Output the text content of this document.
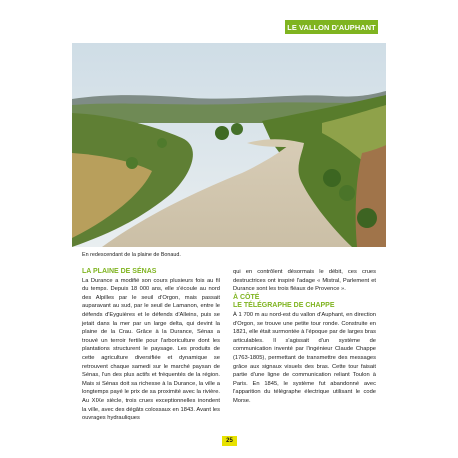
LE VALLON D'AUPHANT
En redescendant de la plaine de Bonaud.
LA PLAINE DE SÉNAS
La Durance a modifié son cours plusieurs fois au fil du temps. Depuis 18 000 ans, elle s'écoule au nord des Alpilles par le seuil d'Orgon, mais passait auparavant au sud, par le seuil de Lamanon, entre le défends d'Eyguières et le défends d'Alleins, puis se jetait dans la mer par un large delta, qui devint la plaine de la Crau. Grâce à la Durance, Sénas a trouvé un terroir fertile pour l'arboriculture dont les plantations structurent le paysage. Les produits de cette agriculture diversifiée et dynamique se retrouvent chaque samedi sur le marché paysan de Sénas, l'un des plus actifs et fréquentés de la région. Mais si Sénas doit sa richesse à la Durance, la ville a longtemps payé le prix de sa proximité avec la rivière. Au XIXe siècle, trois crues exceptionnelles inondent la ville, avec des dégâts colossaux en 1843. Avant les ouvrages hydrauliques
qui en contrôlent désormais le débit, ces crues destructrices ont inspiré l'adage « Mistral, Parlement et Durance sont les trois fléaux de Provence ».
À CÔTÉ
LE TÉLÉGRAPHE DE CHAPPE
À 1 700 m au nord-est du vallon d'Auphant, en direction d'Orgon, se trouve une petite tour ronde. Construite en 1821, elle était surmontée à l'époque par de larges bras articulables. Il s'agissait d'un système de communication inventé par l'ingénieur Claude Chappe (1763-1805), permettant de transmettre des messages grâce aux signaux visuels des bras. Cette tour faisait partie d'une ligne de communication reliant Toulon à Paris. En 1845, le système fut abandonné avec l'apparition du télégraphe électrique utilisant le code Morse.
25
